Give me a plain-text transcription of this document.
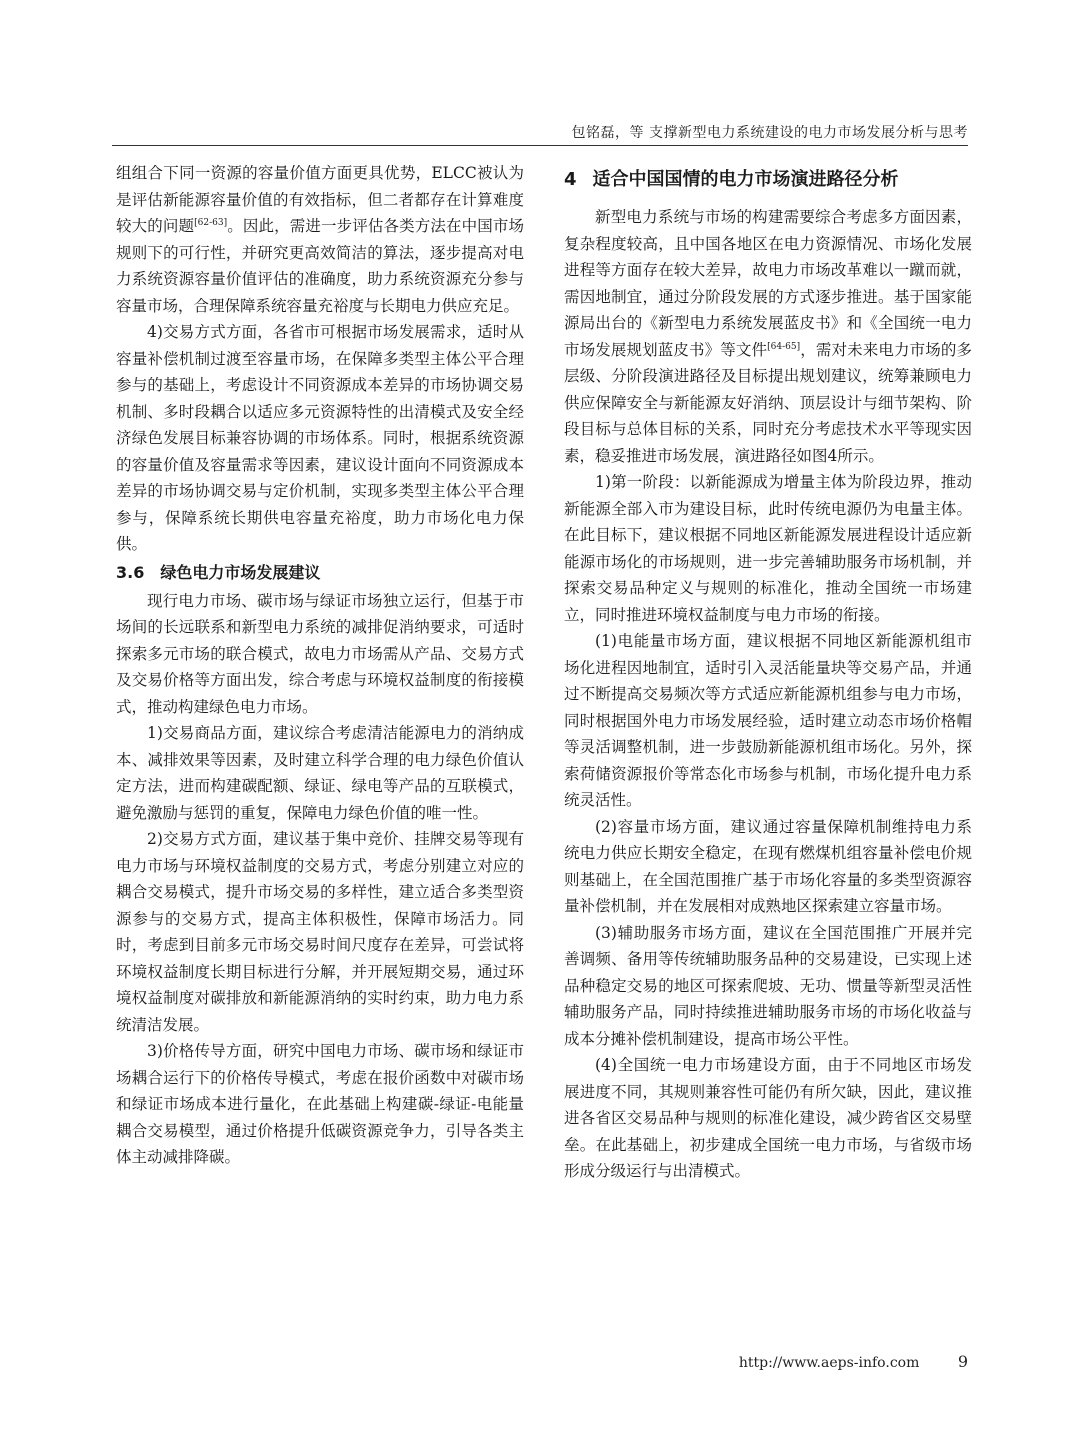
包铭磊，等 支撑新型电力系统建设的电力市场发展分析与思考

组组合下同一资源的容量价值方面更具优势，ELCC被认为是评估新能源容量价值的有效指标，但二者都存在计算难度较大的问题[62-63]。因此，需进一步评估各类方法在中国市场规则下的可行性，并研究更高效简洁的算法，逐步提高对电力系统资源容量价值评估的准确度，助力系统资源充分参与容量市场，合理保障系统容量充裕度与长期电力供应充足。

4)交易方式方面，各省市可根据市场发展需求，适时从容量补偿机制过渡至容量市场，在保障多类型主体公平合理参与的基础上，考虑设计不同资源成本差异的市场协调交易机制、多时段耦合以适应多元资源特性的出清模式及安全经济绿色发展目标兼容协调的市场体系。同时，根据系统资源的容量价值及容量需求等因素，建议设计面向不同资源成本差异的市场协调交易与定价机制，实现多类型主体公平合理参与，保障系统长期供电容量充裕度，助力市场化电力保供。

3.6 绿色电力市场发展建议

现行电力市场、碳市场与绿证市场独立运行，但基于市场间的长远联系和新型电力系统的减排促消纳要求，可适时探索多元市场的联合模式，故电力市场需从产品、交易方式及交易价格等方面出发，综合考虑与环境权益制度的衔接模式，推动构建绿色电力市场。

1)交易商品方面，建议综合考虑清洁能源电力的消纳成本、减排效果等因素，及时建立科学合理的电力绿色价值认定方法，进而构建碳配额、绿证、绿电等产品的互联模式，避免激励与惩罚的重复，保障电力绿色价值的唯一性。

2)交易方式方面，建议基于集中竞价、挂牌交易等现有电力市场与环境权益制度的交易方式，考虑分别建立对应的耦合交易模式，提升市场交易的多样性，建立适合多类型资源参与的交易方式，提高主体积极性，保障市场活力。同时，考虑到目前多元市场交易时间尺度存在差异，可尝试将环境权益制度长期目标进行分解，并开展短期交易，通过环境权益制度对碳排放和新能源消纳的实时约束，助力电力系统清洁发展。

3)价格传导方面，研究中国电力市场、碳市场和绿证市场耦合运行下的价格传导模式，考虑在报价函数中对碳市场和绿证市场成本进行量化，在此基础上构建碳-绿证-电能量耦合交易模型，通过价格提升低碳资源竞争力，引导各类主体主动减排降碳。

4 适合中国国情的电力市场演进路径分析

新型电力系统与市场的构建需要综合考虑多方面因素，复杂程度较高，且中国各地区在电力资源情况、市场化发展进程等方面存在较大差异，故电力市场改革难以一蹴而就，需因地制宜，通过分阶段发展的方式逐步推进。基于国家能源局出台的《新型电力系统发展蓝皮书》和《全国统一电力市场发展规划蓝皮书》等文件[64-65]，需对未来电力市场的多层级、分阶段演进路径及目标提出规划建议，统筹兼顾电力供应保障安全与新能源友好消纳、顶层设计与细节架构、阶段目标与总体目标的关系，同时充分考虑技术水平等现实因素，稳妥推进市场发展，演进路径如图4所示。

1)第一阶段：以新能源成为增量主体为阶段边界，推动新能源全部入市为建设目标，此时传统电源仍为电量主体。在此目标下，建议根据不同地区新能源发展进程设计适应新能源市场化的市场规则，进一步完善辅助服务市场机制，并探索交易品种定义与规则的标准化，推动全国统一市场建立，同时推进环境权益制度与电力市场的衔接。

(1)电能量市场方面，建议根据不同地区新能源机组市场化进程因地制宜，适时引入灵活能量块等交易产品，并通过不断提高交易频次等方式适应新能源机组参与电力市场，同时根据国外电力市场发展经验，适时建立动态市场价格帽等灵活调整机制，进一步鼓励新能源机组市场化。另外，探索荷储资源报价等常态化市场参与机制，市场化提升电力系统灵活性。

(2)容量市场方面，建议通过容量保障机制维持电力系统电力供应长期安全稳定，在现有燃煤机组容量补偿电价规则基础上，在全国范围推广基于市场化容量的多类型资源容量补偿机制，并在发展相对成熟地区探索建立容量市场。

(3)辅助服务市场方面，建议在全国范围推广开展并完善调频、备用等传统辅助服务品种的交易建设，已实现上述品种稳定交易的地区可探索爬坡、无功、惯量等新型灵活性辅助服务产品，同时持续推进辅助服务市场的市场化收益与成本分摊补偿机制建设，提高市场公平性。

(4)全国统一电力市场建设方面，由于不同地区市场发展进度不同，其规则兼容性可能仍有所欠缺，因此，建议推进各省区交易品种与规则的标准化建设，减少跨省区交易壁垒。在此基础上，初步建成全国统一电力市场，与省级市场形成分级运行与出清模式。

http://www.aeps-info.com 9
